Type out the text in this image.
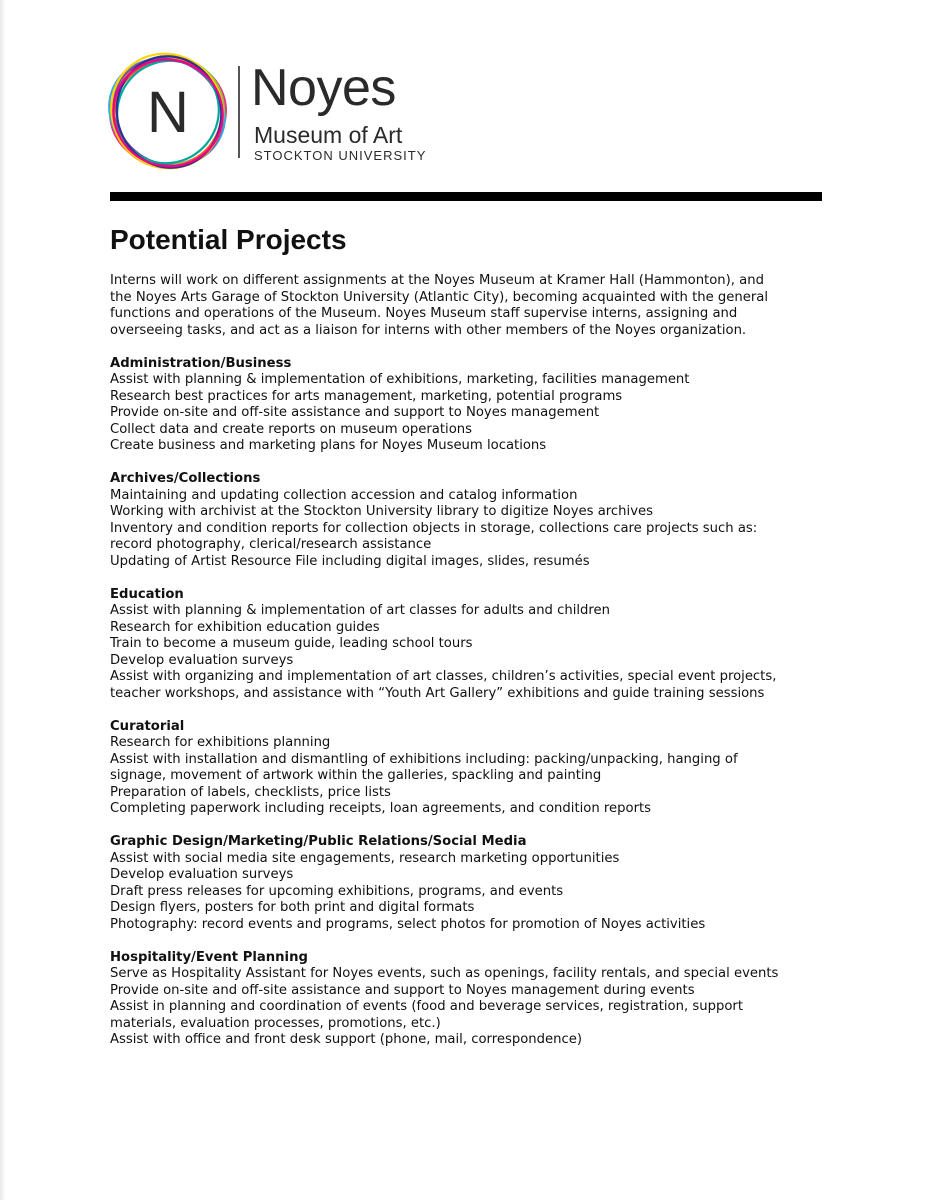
N Noyes
Museum of Art
STOCKTON UNIVERSITY
Potential Projects

Interns will work on different assignments at the Noyes Museum at Kramer Hall (Hammonton), and
the Noyes Arts Garage of Stockton University (Atlantic City), becoming acquainted with the general
functions and operations of the Museum. Noyes Museum staff supervise interns, assigning and
overseeing tasks, and act as a liaison for interns with other members of the Noyes organization.

Administration/Business

Assist with planning & implementation of exhibitions, marketing, facilities management

Research best practices for arts management, marketing, potential programs

Provide on-site and off-site assistance and support to Noyes management

Collect data and create reports on museum operations

Create business and marketing plans for Noyes Museum locations

Archives/Collections

Maintaining and updating collection accession and catalog information

Working with archivist at the Stockton University library to digitize Noyes archives

Inventory and condition reports for collection objects in storage, collections care projects such as:

record photography, clerical/research assistance

Updating of Artist Resource File including digital images, slides, resumés

Education

Assist with planning & implementation of art classes for adults and children

Research for exhibition education guides

Train to become a museum guide, leading school tours

Develop evaluation surveys

Assist with organizing and implementation of art classes, children’s activities, special event projects,

teacher workshops, and assistance with “Youth Art Gallery” exhibitions and guide training sessions

Curatorial

Research for exhibitions planning

Assist with installation and dismantling of exhibitions including: packing/unpacking, hanging of

signage, movement of artwork within the galleries, spackling and painting

Preparation of labels, checklists, price lists

Completing paperwork including receipts, loan agreements, and condition reports

Graphic Design/Marketing/Public Relations/Social Media

Assist with social media site engagements, research marketing opportunities

Develop evaluation surveys

Draft press releases for upcoming exhibitions, programs, and events

Design flyers, posters for both print and digital formats

Photography: record events and programs, select photos for promotion of Noyes activities

Hospitality/Event Planning

Serve as Hospitality Assistant for Noyes events, such as openings, facility rentals, and special events

Provide on-site and off-site assistance and support to Noyes management during events

Assist in planning and coordination of events (food and beverage services, registration, support

materials, evaluation processes, promotions, etc.)

Assist with office and front desk support (phone, mail, correspondence)
